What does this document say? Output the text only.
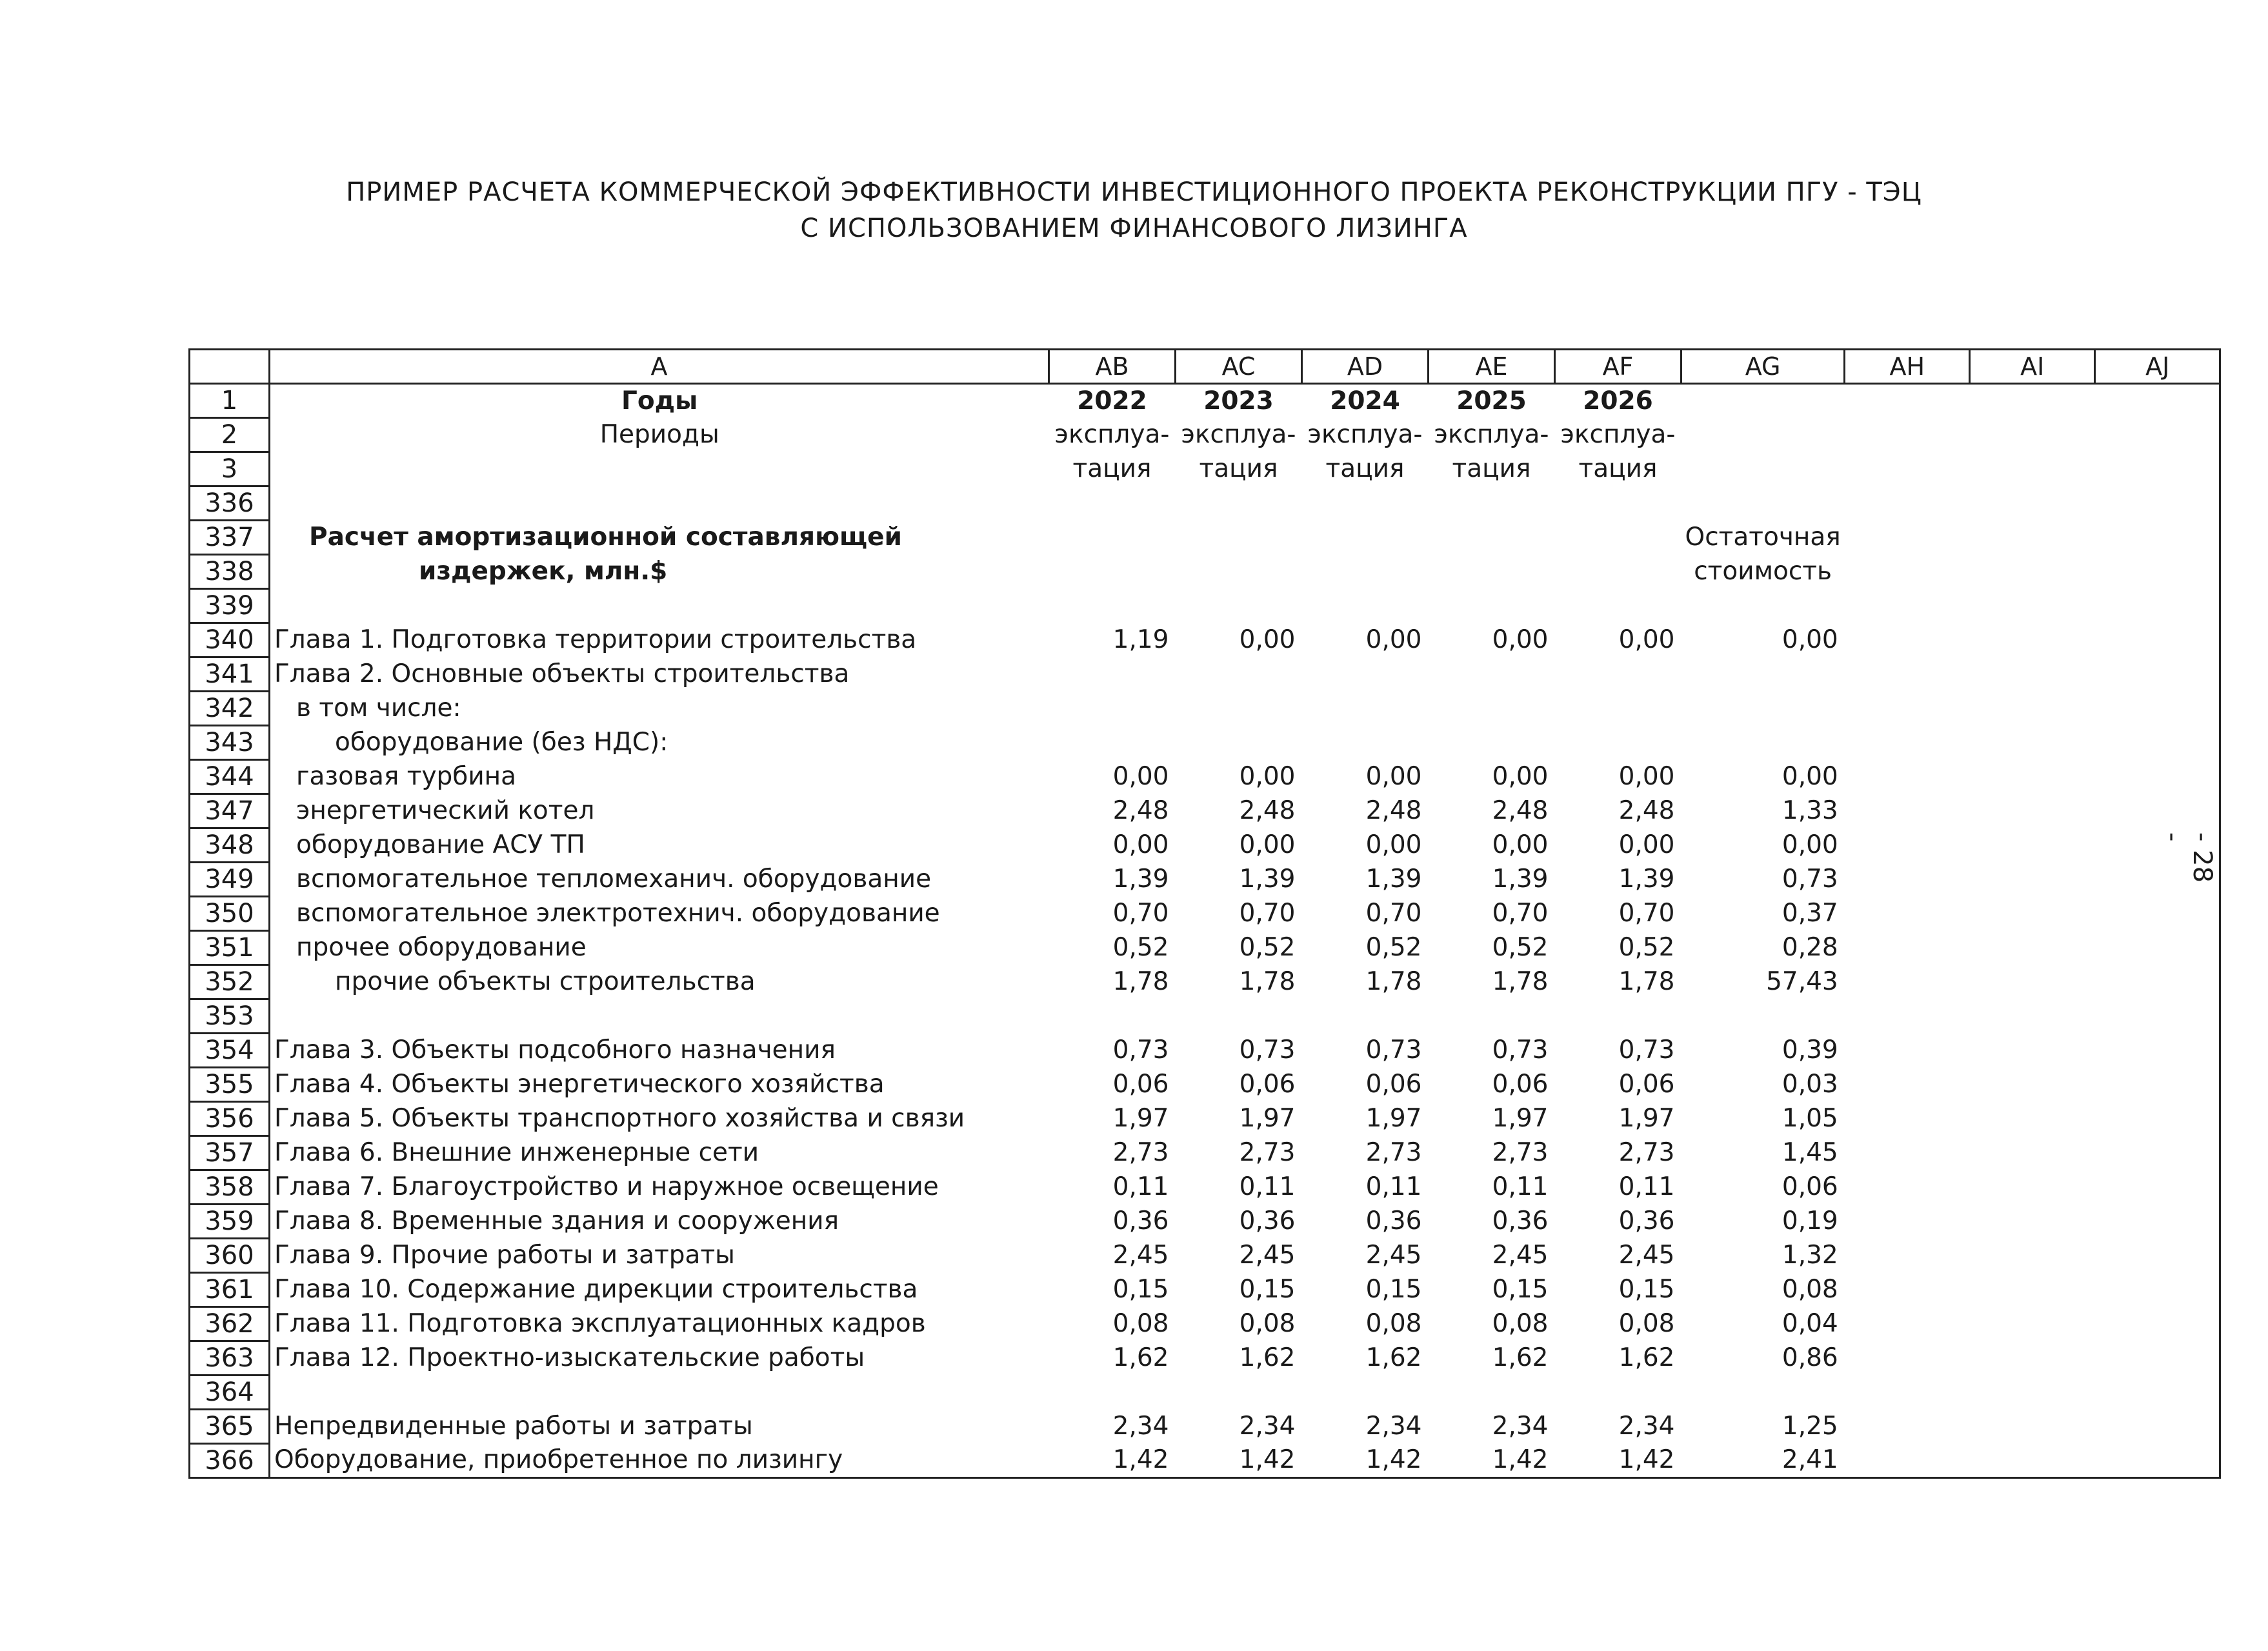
ПРИМЕР РАСЧЕТА КОММЕРЧЕСКОЙ ЭФФЕКТИВНОСТИ ИНВЕСТИЦИОННОГО ПРОЕКТА РЕКОНСТРУКЦИИ ПГУ - ТЭЦ
С ИСПОЛЬЗОВАНИЕМ ФИНАНСОВОГО ЛИЗИНГА
- 28 -
	A	AB	AC	AD	AE	AF	AG	AH	AI	AJ
1	Годы	2022	2023	2024	2025	2026				
2	Периоды	эксплуа-	эксплуа-	эксплуа-	эксплуа-	эксплуа-				
3		тация	тация	тация	тация	тация				
336										
337	Расчет амортизационной составляющей						Остаточная			
338	издержек, млн.$						стоимость			
339										
340	Глава 1. Подготовка территории строительства	1,19	0,00	0,00	0,00	0,00	0,00			
341	Глава 2. Основные объекты строительства									
342	в том числе:									
343	оборудование (без НДС):									
344	газовая турбина	0,00	0,00	0,00	0,00	0,00	0,00			
347	энергетический котел	2,48	2,48	2,48	2,48	2,48	1,33			
348	оборудование АСУ ТП	0,00	0,00	0,00	0,00	0,00	0,00			
349	вспомогательное тепломеханич. оборудование	1,39	1,39	1,39	1,39	1,39	0,73			
350	вспомогательное электротехнич. оборудование	0,70	0,70	0,70	0,70	0,70	0,37			
351	прочее оборудование	0,52	0,52	0,52	0,52	0,52	0,28			
352	прочие объекты строительства	1,78	1,78	1,78	1,78	1,78	57,43			
353										
354	Глава 3. Объекты подсобного назначения	0,73	0,73	0,73	0,73	0,73	0,39			
355	Глава 4. Объекты энергетического хозяйства	0,06	0,06	0,06	0,06	0,06	0,03			
356	Глава 5. Объекты транспортного хозяйства и связи	1,97	1,97	1,97	1,97	1,97	1,05			
357	Глава 6. Внешние инженерные сети	2,73	2,73	2,73	2,73	2,73	1,45			
358	Глава 7. Благоустройство и наружное освещение	0,11	0,11	0,11	0,11	0,11	0,06			
359	Глава 8. Временные здания и сооружения	0,36	0,36	0,36	0,36	0,36	0,19			
360	Глава 9. Прочие работы и затраты	2,45	2,45	2,45	2,45	2,45	1,32			
361	Глава 10. Содержание дирекции строительства	0,15	0,15	0,15	0,15	0,15	0,08			
362	Глава 11. Подготовка эксплуатационных кадров	0,08	0,08	0,08	0,08	0,08	0,04			
363	Глава 12. Проектно-изыскательские работы	1,62	1,62	1,62	1,62	1,62	0,86			
364										
365	Непредвиденные работы и затраты	2,34	2,34	2,34	2,34	2,34	1,25			
366	Оборудование, приобретенное по лизингу	1,42	1,42	1,42	1,42	1,42	2,41			
